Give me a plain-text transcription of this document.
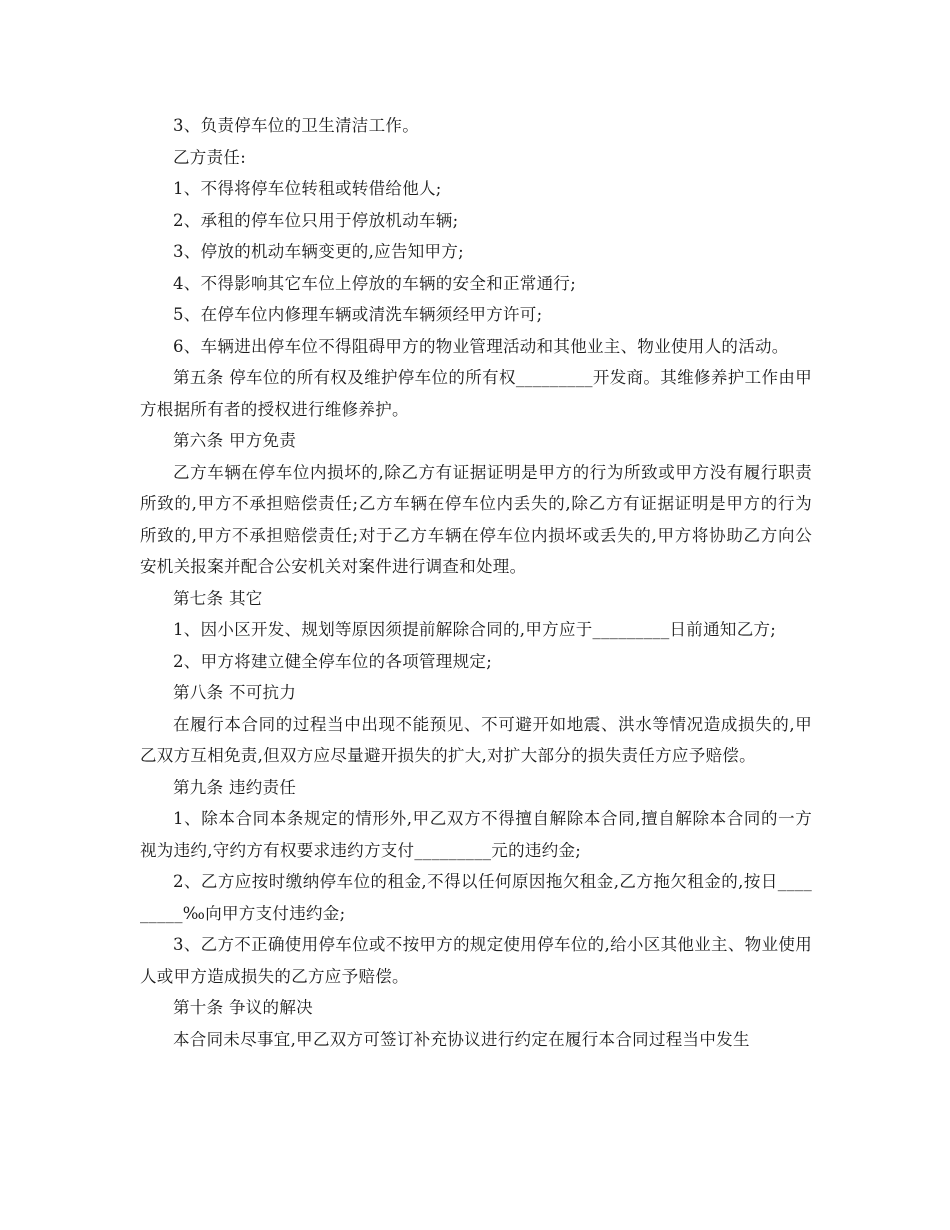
3、负责停车位的卫生清洁工作。

乙方责任:

1、不得将停车位转租或转借给他人;

2、承租的停车位只用于停放机动车辆;

3、停放的机动车辆变更的,应告知甲方;

4、不得影响其它车位上停放的车辆的安全和正常通行;

5、在停车位内修理车辆或清洗车辆须经甲方许可;

6、车辆进出停车位不得阻碍甲方的物业管理活动和其他业主、物业使用人的活动。

第五条 停车位的所有权及维护停车位的所有权_________开发商。其维修养护工作由甲方根据所有者的授权进行维修养护。

第六条 甲方免责

乙方车辆在停车位内损坏的,除乙方有证据证明是甲方的行为所致或甲方没有履行职责所致的,甲方不承担赔偿责任;乙方车辆在停车位内丢失的,除乙方有证据证明是甲方的行为所致的,甲方不承担赔偿责任;对于乙方车辆在停车位内损坏或丢失的,甲方将协助乙方向公安机关报案并配合公安机关对案件进行调查和处理。

第七条 其它

1、因小区开发、规划等原因须提前解除合同的,甲方应于_________日前通知乙方;

2、甲方将建立健全停车位的各项管理规定;

第八条 不可抗力

在履行本合同的过程当中出现不能预见、不可避开如地震、洪水等情况造成损失的,甲乙双方互相免责,但双方应尽量避开损失的扩大,对扩大部分的损失责任方应予赔偿。

第九条 违约责任

1、除本合同本条规定的情形外,甲乙双方不得擅自解除本合同,擅自解除本合同的一方视为违约,守约方有权要求违约方支付_________元的违约金;

2、乙方应按时缴纳停车位的租金,不得以任何原因拖欠租金,乙方拖欠租金的,按日_________‰向甲方支付违约金;

3、乙方不正确使用停车位或不按甲方的规定使用停车位的,给小区其他业主、物业使用人或甲方造成损失的乙方应予赔偿。

第十条 争议的解决

本合同未尽事宜,甲乙双方可签订补充协议进行约定在履行本合同过程当中发生
